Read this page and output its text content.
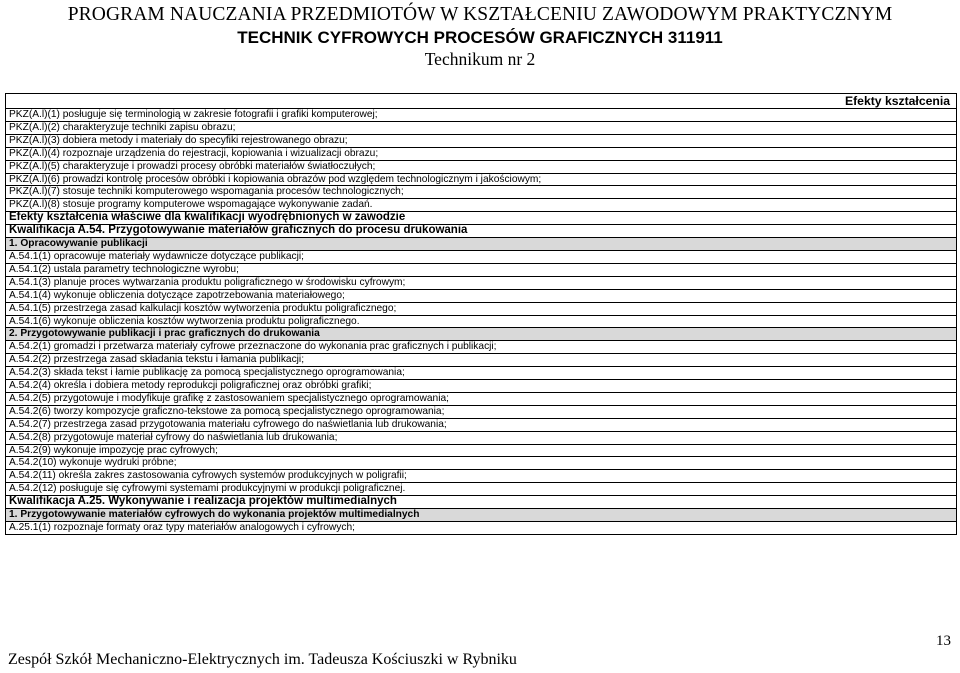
PROGRAM NAUCZANIA PRZEDMIOTÓW W KSZTAŁCENIU ZAWODOWYM PRAKTYCZNYM
TECHNIK CYFROWYCH PROCESÓW GRAFICZNYCH 311911
Technikum nr 2
Efekty kształcenia
PKZ(A.l)(1) posługuje się terminologią w zakresie fotografii i grafiki komputerowej;
PKZ(A.l)(2) charakteryzuje techniki zapisu obrazu;
PKZ(A.l)(3) dobiera metody i materiały do specyfiki rejestrowanego obrazu;
PKZ(A.l)(4) rozpoznaje urządzenia do rejestracji, kopiowania i wizualizacji obrazu;
PKZ(A.l)(5) charakteryzuje i prowadzi procesy obróbki materiałów światłoczułych;
PKZ(A.l)(6) prowadzi kontrolę procesów obróbki i kopiowania obrazów pod względem technologicznym i jakościowym;
PKZ(A.l)(7) stosuje techniki komputerowego wspomagania procesów technologicznych;
PKZ(A.l)(8) stosuje programy komputerowe wspomagające wykonywanie zadań.
Efekty kształcenia właściwe dla kwalifikacji wyodrębnionych w zawodzie
Kwalifikacja A.54. Przygotowywanie materiałów graficznych do procesu drukowania
1. Opracowywanie publikacji
A.54.1(1) opracowuje materiały wydawnicze dotyczące publikacji;
A.54.1(2) ustala parametry technologiczne wyrobu;
A.54.1(3) planuje proces wytwarzania produktu poligraficznego w środowisku cyfrowym;
A.54.1(4) wykonuje obliczenia dotyczące zapotrzebowania materiałowego;
A.54.1(5) przestrzega zasad kalkulacji kosztów wytworzenia produktu poligraficznego;
A.54.1(6) wykonuje obliczenia kosztów wytworzenia produktu poligraficznego.
2. Przygotowywanie publikacji i prac graficznych do drukowania
A.54.2(1) gromadzi i przetwarza materiały cyfrowe przeznaczone do wykonania prac graficznych i publikacji;
A.54.2(2) przestrzega zasad składania tekstu i łamania publikacji;
A.54.2(3) składa tekst i łamie publikację za pomocą specjalistycznego oprogramowania;
A.54.2(4) określa i dobiera metody reprodukcji poligraficznej oraz obróbki grafiki;
A.54.2(5) przygotowuje i modyfikuje grafikę z zastosowaniem specjalistycznego oprogramowania;
A.54.2(6) tworzy kompozycje graficzno-tekstowe za pomocą specjalistycznego oprogramowania;
A.54.2(7) przestrzega zasad przygotowania materiału cyfrowego do naświetlania lub drukowania;
A.54.2(8) przygotowuje materiał cyfrowy do naświetlania lub drukowania;
A.54.2(9) wykonuje impozycję prac cyfrowych;
A.54.2(10) wykonuje wydruki próbne;
A.54.2(11) określa zakres zastosowania cyfrowych systemów produkcyjnych w poligrafii;
A.54.2(12) posługuje się cyfrowymi systemami produkcyjnymi w produkcji poligraficznej.
Kwalifikacja A.25. Wykonywanie i realizacja projektów multimedialnych
1. Przygotowywanie materiałów cyfrowych do wykonania projektów multimedialnych
A.25.1(1) rozpoznaje formaty oraz typy materiałów analogowych i cyfrowych;
Zespół Szkół Mechaniczno-Elektrycznych im. Tadeusza Kościuszki w Rybniku
13
